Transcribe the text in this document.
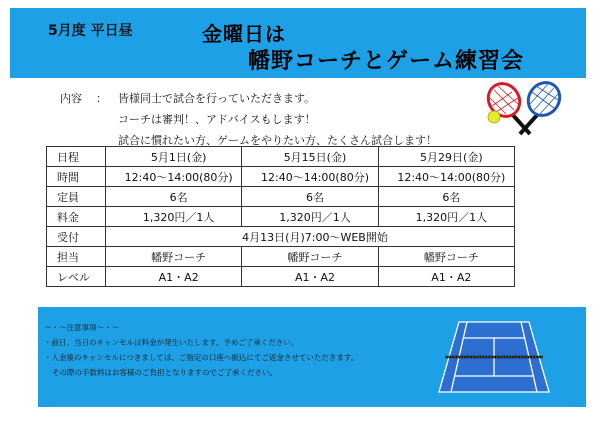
5月度 平日昼	金曜日は
幡野コーチとゲーム練習会
内容	：	皆様同士で試合を行っていただきます。
コーチは審判！、アドバイスもします！
試合に慣れたい方、ゲームをやりたい方、たくさん試合します！
日程	5月1日(金)	5月15日(金)	5月29日(金)
時間	12:40～14:00(80分)	12:40～14:00(80分)	12:40～14:00(80分)
定員	6名	6名	6名
料金	1,320円／1人	1,320円／1人	1,320円／1人
受付	4月13日(月)7:00～WEB開始		
担当	幡野コーチ	幡野コーチ	幡野コーチ
レベル	A1・A2	A1・A2	A1・A2
～・～注意事項～・～
・前日、当日のキャンセルは料金が発生いたします。予めご了承ください。
・入金後のキャンセルにつきましては、ご指定の口座へ振込にてご返金させていただきます。
その際の手数料はお客様のご負担となりますのでご了承ください。
